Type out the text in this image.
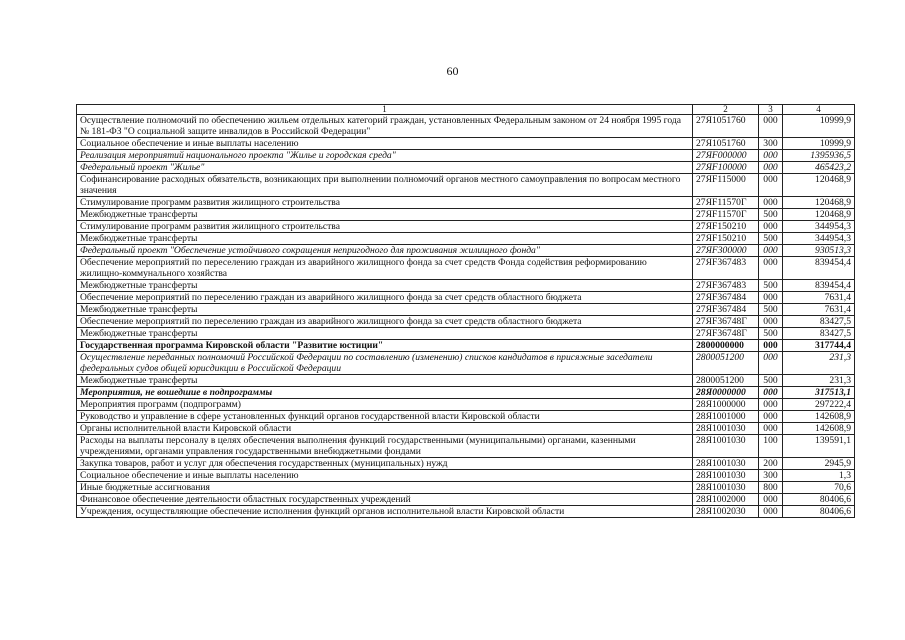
60
1	2	3	4
Осуществление полномочий по обеспечению жильем отдельных категорий граждан, установленных Федеральным законом от 24 ноября 1995 года № 181-ФЗ "О социальной защите инвалидов в Российской Федерации"	27Я1051760	000	10999,9
Социальное обеспечение и иные выплаты населению	27Я1051760	300	10999,9
Реализация мероприятий национального проекта "Жилье и городская среда"	27ЯF000000	000	1395936,5
Федеральный проект "Жилье"	27ЯF100000	000	465423,2
Софинансирование расходных обязательств, возникающих при выполнении полномочий органов местного самоуправления по вопросам местного значения	27ЯF115000	000	120468,9
Стимулирование программ развития жилищного строительства	27ЯF11570Г	000	120468,9
Межбюджетные трансферты	27ЯF11570Г	500	120468,9
Стимулирование программ развития жилищного строительства	27ЯF150210	000	344954,3
Межбюджетные трансферты	27ЯF150210	500	344954,3
Федеральный проект "Обеспечение устойчивого сокращения непригодного для проживания жилищного фонда"	27ЯF300000	000	930513,3
Обеспечение мероприятий по переселению граждан из аварийного жилищного фонда за счет средств Фонда содействия реформированию жилищно-коммунального хозяйства	27ЯF367483	000	839454,4
Межбюджетные трансферты	27ЯF367483	500	839454,4
Обеспечение мероприятий по переселению граждан из аварийного жилищного фонда за счет средств областного бюджета	27ЯF367484	000	7631,4
Межбюджетные трансферты	27ЯF367484	500	7631,4
Обеспечение мероприятий по переселению граждан из аварийного жилищного фонда за счет средств областного бюджета	27ЯF36748Г	000	83427,5
Межбюджетные трансферты	27ЯF36748Г	500	83427,5
Государственная программа Кировской области "Развитие юстиции"	2800000000	000	317744,4
Осуществление переданных полномочий Российской Федерации по составлению (изменению) списков кандидатов в присяжные заседатели федеральных судов общей юрисдикции в Российской Федерации	2800051200	000	231,3
Межбюджетные трансферты	2800051200	500	231,3
Мероприятия, не вошедшие в подпрограммы	28Я0000000	000	317513,1
Мероприятия программ (подпрограмм)	28Я1000000	000	297222,4
Руководство и управление в сфере установленных функций органов государственной власти Кировской области	28Я1001000	000	142608,9
Органы исполнительной власти Кировской области	28Я1001030	000	142608,9
Расходы на выплаты персоналу в целях обеспечения выполнения функций государственными (муниципальными) органами, казенными учреждениями, органами управления государственными внебюджетными фондами	28Я1001030	100	139591,1
Закупка товаров, работ и услуг для обеспечения государственных (муниципальных) нужд	28Я1001030	200	2945,9
Социальное обеспечение и иные выплаты населению	28Я1001030	300	1,3
Иные бюджетные ассигнования	28Я1001030	800	70,6
Финансовое обеспечение деятельности областных государственных учреждений	28Я1002000	000	80406,6
Учреждения, осуществляющие обеспечение исполнения функций органов исполнительной власти Кировской области	28Я1002030	000	80406,6
